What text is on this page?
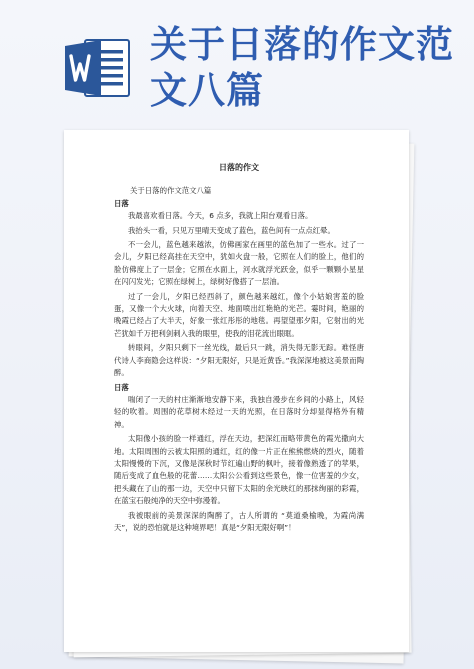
关于日落的作文范
文八篇
日落的作文
关于日落的作文范文八篇
日落

我最喜欢看日落。今天，6 点多，我就上阳台观看日落。

我抬头一看，只见万里晴天变成了蓝色，蓝色间有一点点红晕。

不一会儿，蓝色越来越浓，仿佛画家在画里的蓝色加了一些水。过了一会儿，夕阳已经高挂在天空中，犹如火盘一般，它照在人们的脸上，他们的脸仿佛度上了一层金；它照在水面上，河水就浮光跃金，似乎一颗颗小星星在闪闪发光；它照在绿树上，绿树好像搭了一层油。

过了一会儿，夕阳已经西斜了，颜色越来越红，像个小姑娘害羞的脸蛋，又像一个大火球，向着天空、地面喷出红艳艳的光芒。霎时间，艳丽的晚霞已经占了大半天，好象一张红彤彤的地毯。再望望那夕阳，它射出的光芒犹如千万把利剑刺入我的眼里，使我的泪花流出眼眶。

转眼间，夕阳只剩下一丝光线，最后只一跳，消失得无影无踪。难怪唐代诗人李商隐会这样说：“夕阳无限好，只是近黄昏。”我深深地被这美景而陶醉。

日落

喘闭了一天的村庄渐渐地安静下来，我独自漫步在乡间的小路上，风轻轻的吹着。周围的花草树木经过一天的光照，在日落时分却显得格外有精神。

太阳像小孩的脸一样通红，浮在天边，把深红而略带黄色的霞光撒向大地。太阳周围的云被太阳照的通红，红的像一片正在熊熊燃烧的烈火，随着太阳慢慢的下沉，又像是深秋时节红遍山野的枫叶，接着像熟透了的苹果，随后变成了血色般的花蕾……太阳公公看到这些景色，像一位害羞的少女，把头藏在了山的那一边，天空中只留下太阳的余光映红的那抹绚丽的彩霞，在蓝宝石般纯净的天空中弥漫着。

我被眼前的美景深深的陶醉了，古人所谓的 “莫道桑榆晚，为霞尚满天”，说的恐怕就是这种境界吧！真是“夕阳无限好啊”！
